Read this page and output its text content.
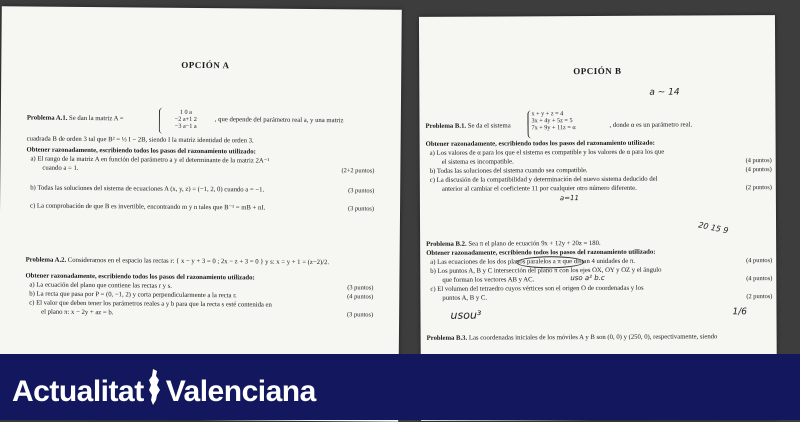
OPCIÓN A
Problema A.1. Se dan la matriz A =
1 0 a
−2 a+1 2
−3 a−1 a
, que depende del parámetro real a, y una matriz
cuadrada B de orden 3 tal que B² = ⅓ I − 2B, siendo I la matriz identidad de orden 3.
Obtener razonadamente, escribiendo todos los pasos del razonamiento utilizado:
a) El rango de la matriz A en función del parámetro a y el determinante de la matriz 2A⁻¹
cuando a = 1.	(2+2 puntos)
b) Todas las soluciones del sistema de ecuaciones A (x, y, z) = (−1, 2, 0) cuando a = −1.	(3 puntos)
c) La comprobación de que B es invertible, encontrando m y n tales que B⁻¹ = mB + nI.	(3 puntos)
Problema A.2. Consideramos en el espacio las rectas r: { x − y + 3 = 0 ; 2x − z + 3 = 0 } y s: x = y + 1 = (z−2)/2.
Obtener razonadamente, escribiendo todos los pasos del razonamiento utilizado:
a) La ecuación del plano que contiene las rectas r y s.	(3 puntos)
b) La recta que pasa por P = (0, −1, 2) y corta perpendicularmente a la recta r.	(4 puntos)
c) El valor que deben tener los parámetros reales a y b para que la recta s esté contenida en
el plano π: x − 2y + az = b.	(3 puntos)
OPCIÓN B
a ~ 14
Problema B.1. Se da el sistema
x + y + z = 4
3x + 4y + 5z = 5
7x + 9y + 11z = α	, donde α es un parámetro real.
Obtener razonadamente, escribiendo todos los pasos del razonamiento utilizado:
a) Los valores de α para los que el sistema es compatible y los valores de α para los que
el sistema es incompatible.	(4 puntos)
b) Todas las soluciones del sistema cuando sea compatible.	(4 puntos)
c) La discusión de la compatibilidad y determinación del nuevo sistema deducido del
anterior al cambiar el coeficiente 11 por cualquier otro número diferente.	(2 puntos)
a=11
20 15 9
Problema B.2. Sea π el plano de ecuación 9x + 12y + 20z = 180.
Obtener razonadamente, escribiendo todos los pasos del razonamiento utilizado:
a) Las ecuaciones de los dos planos paralelos a π que distan 4 unidades de π.	(4 puntos)
b) Los puntos A, B y C intersección del plano π con los ejes OX, OY y OZ y el ángulo
que forman los vectores AB y AC.	uso a² b.c	(4 puntos)
c) El volumen del tetraedro cuyos vértices son el origen O de coordenadas y los
puntos A, B y C.	(2 puntos)
1/6
usou³
Problema B.3. Las coordenadas iniciales de los móviles A y B son (0, 0) y (250, 0), respectivamente, siendo
Actualitat Valenciana
